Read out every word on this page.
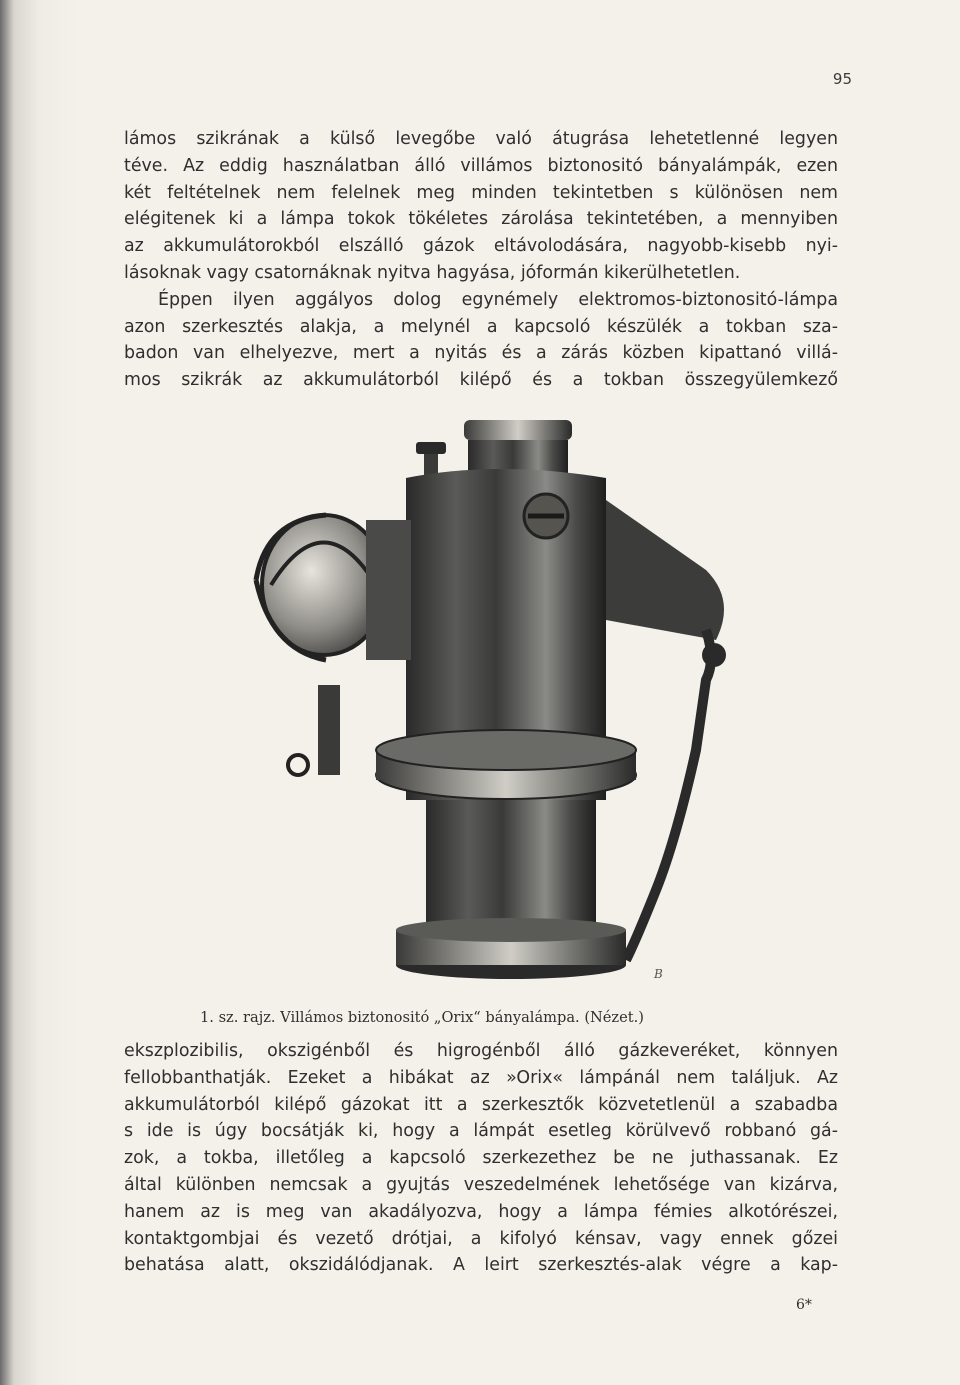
95
lámos szikrának a külső levegőbe való átugrása lehetetlenné legyen
téve. Az eddig használatban álló villámos biztonositó bányalámpák, ezen
két feltételnek nem felelnek meg minden tekintetben s különösen nem
elégitenek ki a lámpa tokok tökéletes zárolása tekintetében, a mennyiben
az akkumulátorokból elszálló gázok eltávolodására, nagyobb-kisebb nyi-
lásoknak vagy csatornáknak nyitva hagyása, jóformán kikerülhetetlen.
Éppen ilyen aggályos dolog egynémely elektromos-biztonositó-lámpa
azon szerkesztés alakja, a melynél a kapcsoló készülék a tokban sza-
badon van elhelyezve, mert a nyitás és a zárás közben kipattanó villá-
mos szikrák az akkumulátorból kilépő és a tokban összegyülemkező
B
1. sz. rajz. Villámos biztonositó „Orix“ bányalámpa. (Nézet.)
ekszplozibilis, okszigénből és higrogénből álló gázkeveréket, könnyen
fellobbanthatják. Ezeket a hibákat az »Orix« lámpánál nem találjuk. Az
akkumulátorból kilépő gázokat itt a szerkesztők közvetetlenül a szabadba
s ide is úgy bocsátják ki, hogy a lámpát esetleg körülvevő robbanó gá-
zok, a tokba, illetőleg a kapcsoló szerkezethez be ne juthassanak. Ez
által különben nemcsak a gyujtás veszedelmének lehetősége van kizárva,
hanem az is meg van akadályozva, hogy a lámpa fémies alkotórészei,
kontaktgombjai és vezető drótjai, a kifolyó kénsav, vagy ennek gőzei
behatása alatt, okszidálódjanak. A leirt szerkesztés-alak végre a kap-
6*
